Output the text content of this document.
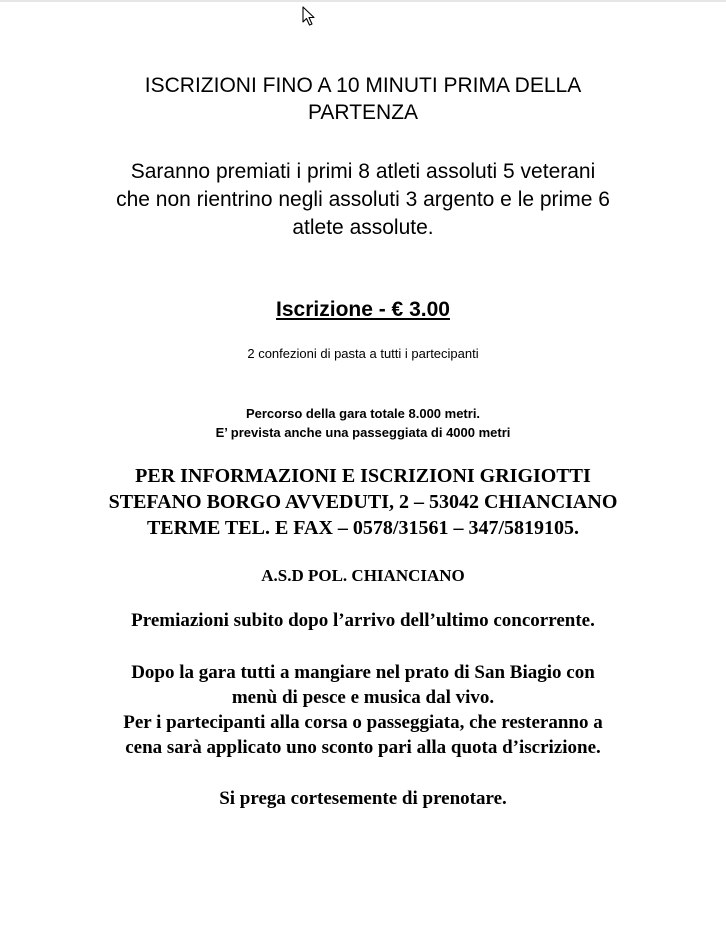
ISCRIZIONI FINO A 10 MINUTI PRIMA DELLA
PARTENZA

Saranno premiati i primi 8 atleti assoluti 5 veterani
che non rientrino negli assoluti 3 argento e le prime 6
atlete assolute.

Iscrizione - € 3.00

2 confezioni di pasta a tutti i partecipanti

Percorso della gara totale 8.000 metri.
E’ prevista anche una passeggiata di 4000 metri

PER INFORMAZIONI E ISCRIZIONI GRIGIOTTI
STEFANO BORGO AVVEDUTI, 2 – 53042 CHIANCIANO
TERME TEL. E FAX – 0578/31561 – 347/5819105.

A.S.D POL. CHIANCIANO

Premiazioni subito dopo l’arrivo dell’ultimo concorrente.

Dopo la gara tutti a mangiare nel prato di San Biagio con
menù di pesce e musica dal vivo.
Per i partecipanti alla corsa o passeggiata, che resteranno a
cena sarà applicato uno sconto pari alla quota d’iscrizione.

Si prega cortesemente di prenotare.
